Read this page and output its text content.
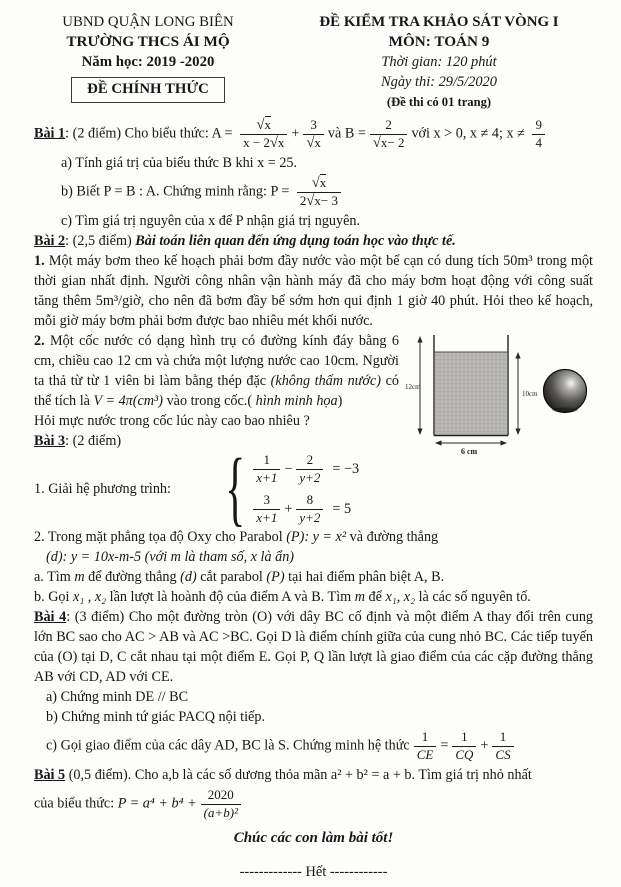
UBND QUẬN LONG BIÊN
TRƯỜNG THCS ÁI MỘ
Năm học: 2019 -2020
ĐỀ CHÍNH THỨC
ĐỀ KIỂM TRA KHẢO SÁT VÒNG I
MÔN: TOÁN 9
Thời gian: 120 phút
Ngày thi: 29/5/2020
(Đề thi có 01 trang)
Bài 1: (2 điểm) Cho biểu thức: $A = \frac{√x}{x - 2√x} + \frac{3}{√x}$ và $B = \frac{2}{√x- 2}$ với x > 0, x ≠ 4; $x \ne \frac{9}{4}$
a) Tính giá trị của biểu thức B khi x = 25.
b) Biết P = B : A. Chứng minh rằng: $P = \frac{√x}{2√x- 3}$
c) Tìm giá trị nguyên của x để P nhận giá trị nguyên.
Bài 2: (2,5 điểm) Bài toán liên quan đến ứng dụng toán học vào thực tế.
1. Một máy bơm theo kế hoạch phải bơm đầy nước vào một bể cạn có dung tích 50m³ trong một thời gian nhất định. Người công nhân vận hành máy đã cho máy bơm hoạt động với công suất tăng thêm 5m³/giờ, cho nên đã bơm đầy bể sớm hơn qui định 1 giờ 40 phút. Hỏi theo kế hoạch, mỗi giờ máy bơm phải bơm được bao nhiêu mét khối nước.
12cm
10cm
6 cm
2. Một cốc nước có dạng hình trụ có đường kính đáy bằng 6 cm, chiều cao 12 cm và chứa một lượng nước cao 10cm. Người ta thả từ từ 1 viên bi làm bằng thép đặc (không thấm nước) có thể tích là V = 4π(cm³) vào trong cốc.( hình minh họa)
Hỏi mực nước trong cốc lúc này cao bao nhiêu ?
Bài 3: (2 điểm)
1. Giải hệ phương trình: { $\frac{1}{x+1} - \frac{2}{y+2} = -3$
$\frac{3}{x+1} + \frac{8}{y+2} = 5$
2. Trong mặt phẳng tọa độ Oxy cho Parabol (P): y = x² và đường thẳng
(d): y = 10x-m-5 (với m là tham số, x là ẩn)
a. Tìm m để đường thẳng (d) cắt parabol (P) tại hai điểm phân biệt A, B.
b. Gọi x₁ , x₂ lần lượt là hoành độ của điểm A và B. Tìm m để x₁, x₂ là các số nguyên tố.
Bài 4: (3 điểm) Cho một đường tròn (O) với dây BC cố định và một điểm A thay đổi trên cung lớn BC sao cho AC > AB và AC >BC. Gọi D là điểm chính giữa của cung nhỏ BC. Các tiếp tuyến của (O) tại D, C cắt nhau tại một điểm E. Gọi P, Q lần lượt là giao điểm của các cặp đường thẳng AB với CD, AD với CE.
a) Chứng minh DE // BC
b) Chứng minh tứ giác PACQ nội tiếp.
c) Gọi giao điểm của các dây AD, BC là S. Chứng minh hệ thức $\frac{1}{CE} = \frac{1}{CQ} + \frac{1}{CS}$
Bài 5 (0,5 điểm). Cho a,b là các số dương thỏa mãn a² + b² = a + b. Tìm giá trị nhỏ nhất
của biểu thức: $P = a^4 + b^4 + \frac{2020}{\text{(a+b)²}}$
Chúc các con làm bài tốt!
------------- Hết ------------
